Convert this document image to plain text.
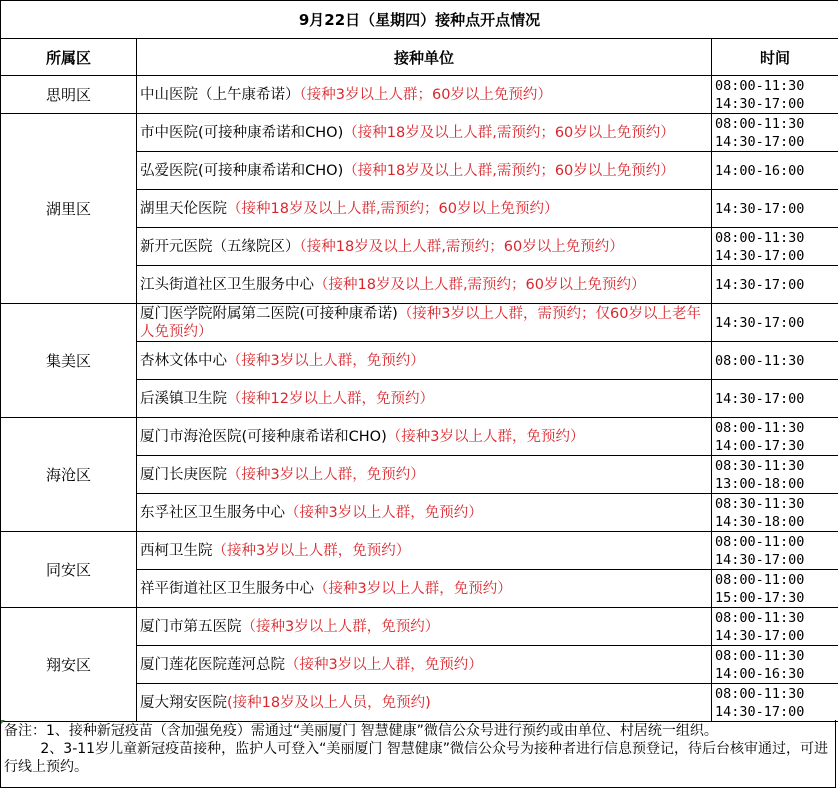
9月22日（星期四）接种点开点情况		
所属区	接种单位	时间
思明区	中山医院（上午康希诺）（接种3岁以上人群；60岁以上免预约）	08:00-11:30
14:30-17:00

湖里区	市中医院(可接种康希诺和CHO)（接种18岁及以上人群,需预约；60岁以上免预约）	08:00-11:30
14:30-17:00

	弘爱医院(可接种康希诺和CHO)（接种18岁及以上人群,需预约；60岁以上免预约）	14:00-16:00

	湖里天伦医院（接种18岁及以上人群,需预约；60岁以上免预约）	14:30-17:00

	新开元医院（五缘院区）（接种18岁及以上人群,需预约；60岁以上免预约）	08:00-11:30
14:30-17:00

	江头街道社区卫生服务中心（接种18岁及以上人群,需预约；60岁以上免预约）	14:30-17:00

集美区	厦门医学院附属第二医院(可接种康希诺)（接种3岁以上人群，需预约；仅60岁以上老年人免预约）	14:30-17:00

	杏林文体中心（接种3岁以上人群，免预约）	08:00-11:30

	后溪镇卫生院（接种12岁以上人群，免预约）	14:30-17:00

海沧区	厦门市海沧医院(可接种康希诺和CHO)（接种3岁以上人群，免预约）	08:00-11:30
14:00-17:30

	厦门长庚医院（接种3岁以上人群，免预约）	08:30-11:30
13:00-18:00

	东孚社区卫生服务中心（接种3岁以上人群，免预约）	08:30-11:30
14:30-18:00

同安区	西柯卫生院（接种3岁以上人群，免预约）	08:00-11:00
14:30-17:00

	祥平街道社区卫生服务中心（接种3岁以上人群，免预约）	08:00-11:00
15:00-17:30

翔安区	厦门市第五医院（接种3岁以上人群，免预约）	08:00-11:30
14:30-17:00

	厦门莲花医院莲河总院（接种3岁以上人群，免预约）	08:00-11:30
14:00-16:30

	厦大翔安医院(接种18岁及以上人员，免预约)	08:00-11:30
14:30-17:00
备注：1、接种新冠疫苗（含加强免疫）需通过“美丽厦门 智慧健康”微信公众号进行预约或由单位、村居统一组织。
2、3-11岁儿童新冠疫苗接种，监护人可登入“美丽厦门 智慧健康”微信公众号为接种者进行信息预登记，待后台核审通过，可进行线上预约。
